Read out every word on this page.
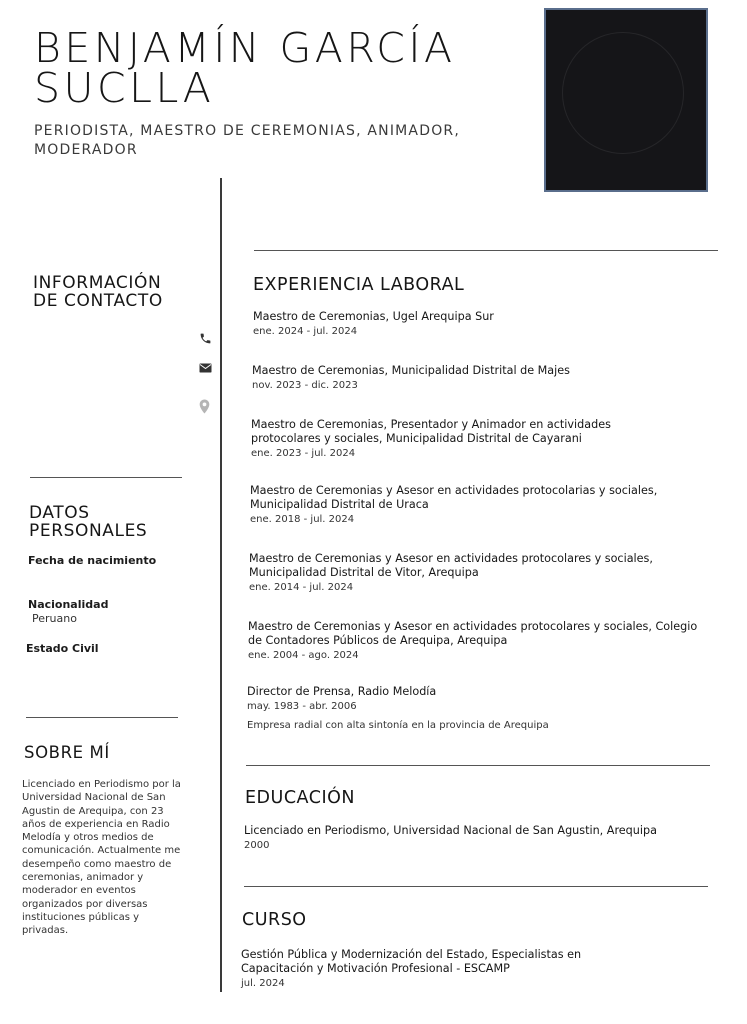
BENJAMÍN GARCÍA
SUCLLA
PERIODISTA, MAESTRO DE CEREMONIAS, ANIMADOR, MODERADOR
INFORMACIÓN
DE CONTACTO
DATOS
PERSONALES
Fecha de nacimiento
Nacionalidad
Peruano
Estado Civil
SOBRE MÍ
Licenciado en Periodismo por la Universidad Nacional de San Agustin de Arequipa, con 23 años de experiencia en Radio Melodía y otros medios de comunicación. Actualmente me desempeño como maestro de ceremonias, animador y moderador en eventos organizados por diversas instituciones públicas y privadas.
EXPERIENCIA LABORAL
Maestro de Ceremonias, Ugel Arequipa Sur
ene. 2024 - jul. 2024
Maestro de Ceremonias, Municipalidad Distrital de Majes
nov. 2023 - dic. 2023
Maestro de Ceremonias, Presentador y Animador en actividades protocolares y sociales, Municipalidad Distrital de Cayarani
ene. 2023 - jul. 2024
Maestro de Ceremonias y Asesor en actividades protocolarias y sociales, Municipalidad Distrital de Uraca
ene. 2018 - jul. 2024
Maestro de Ceremonias y Asesor en actividades protocolares y sociales, Municipalidad Distrital de Vitor, Arequipa
ene. 2014 - jul. 2024
Maestro de Ceremonias y Asesor en actividades protocolares y sociales, Colegio de Contadores Públicos de Arequipa, Arequipa
ene. 2004 - ago. 2024
Director de Prensa, Radio Melodía
may. 1983 - abr. 2006
Empresa radial con alta sintonía en la provincia de Arequipa
EDUCACIÓN
Licenciado en Periodismo, Universidad Nacional de San Agustin, Arequipa
2000
CURSO
Gestión Pública y Modernización del Estado, Especialistas en Capacitación y Motivación Profesional - ESCAMP
jul. 2024
